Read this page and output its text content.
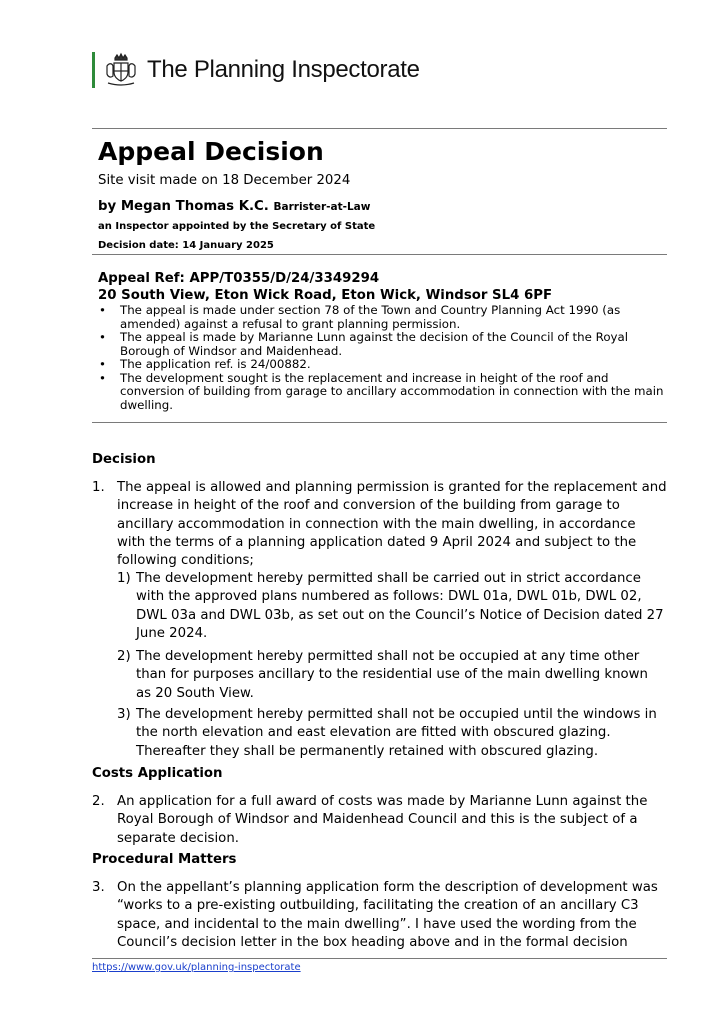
The Planning Inspectorate
Appeal Decision
Site visit made on 18 December 2024
by Megan Thomas K.C. Barrister-at-Law
an Inspector appointed by the Secretary of State
Decision date: 14 January 2025
Appeal Ref: APP/T0355/D/24/3349294
20 South View, Eton Wick Road, Eton Wick, Windsor SL4 6PF
• The appeal is made under section 78 of the Town and Country Planning Act 1990 (as amended) against a refusal to grant planning permission.
• The appeal is made by Marianne Lunn against the decision of the Council of the Royal Borough of Windsor and Maidenhead.
• The application ref. is 24/00882.
• The development sought is the replacement and increase in height of the roof and conversion of building from garage to ancillary accommodation in connection with the main dwelling.
Decision
1. The appeal is allowed and planning permission is granted for the replacement and increase in height of the roof and conversion of the building from garage to ancillary accommodation in connection with the main dwelling, in accordance with the terms of a planning application dated 9 April 2024 and subject to the following conditions;
1) The development hereby permitted shall be carried out in strict accordance with the approved plans numbered as follows: DWL 01a, DWL 01b, DWL 02, DWL 03a and DWL 03b, as set out on the Council’s Notice of Decision dated 27 June 2024.
2) The development hereby permitted shall not be occupied at any time other than for purposes ancillary to the residential use of the main dwelling known as 20 South View.
3) The development hereby permitted shall not be occupied until the windows in the north elevation and east elevation are fitted with obscured glazing. Thereafter they shall be permanently retained with obscured glazing.
Costs Application
2. An application for a full award of costs was made by Marianne Lunn against the Royal Borough of Windsor and Maidenhead Council and this is the subject of a separate decision.
Procedural Matters
3. On the appellant’s planning application form the description of development was “works to a pre-existing outbuilding, facilitating the creation of an ancillary C3 space, and incidental to the main dwelling”. I have used the wording from the Council’s decision letter in the box heading above and in the formal decision
https://www.gov.uk/planning-inspectorate
